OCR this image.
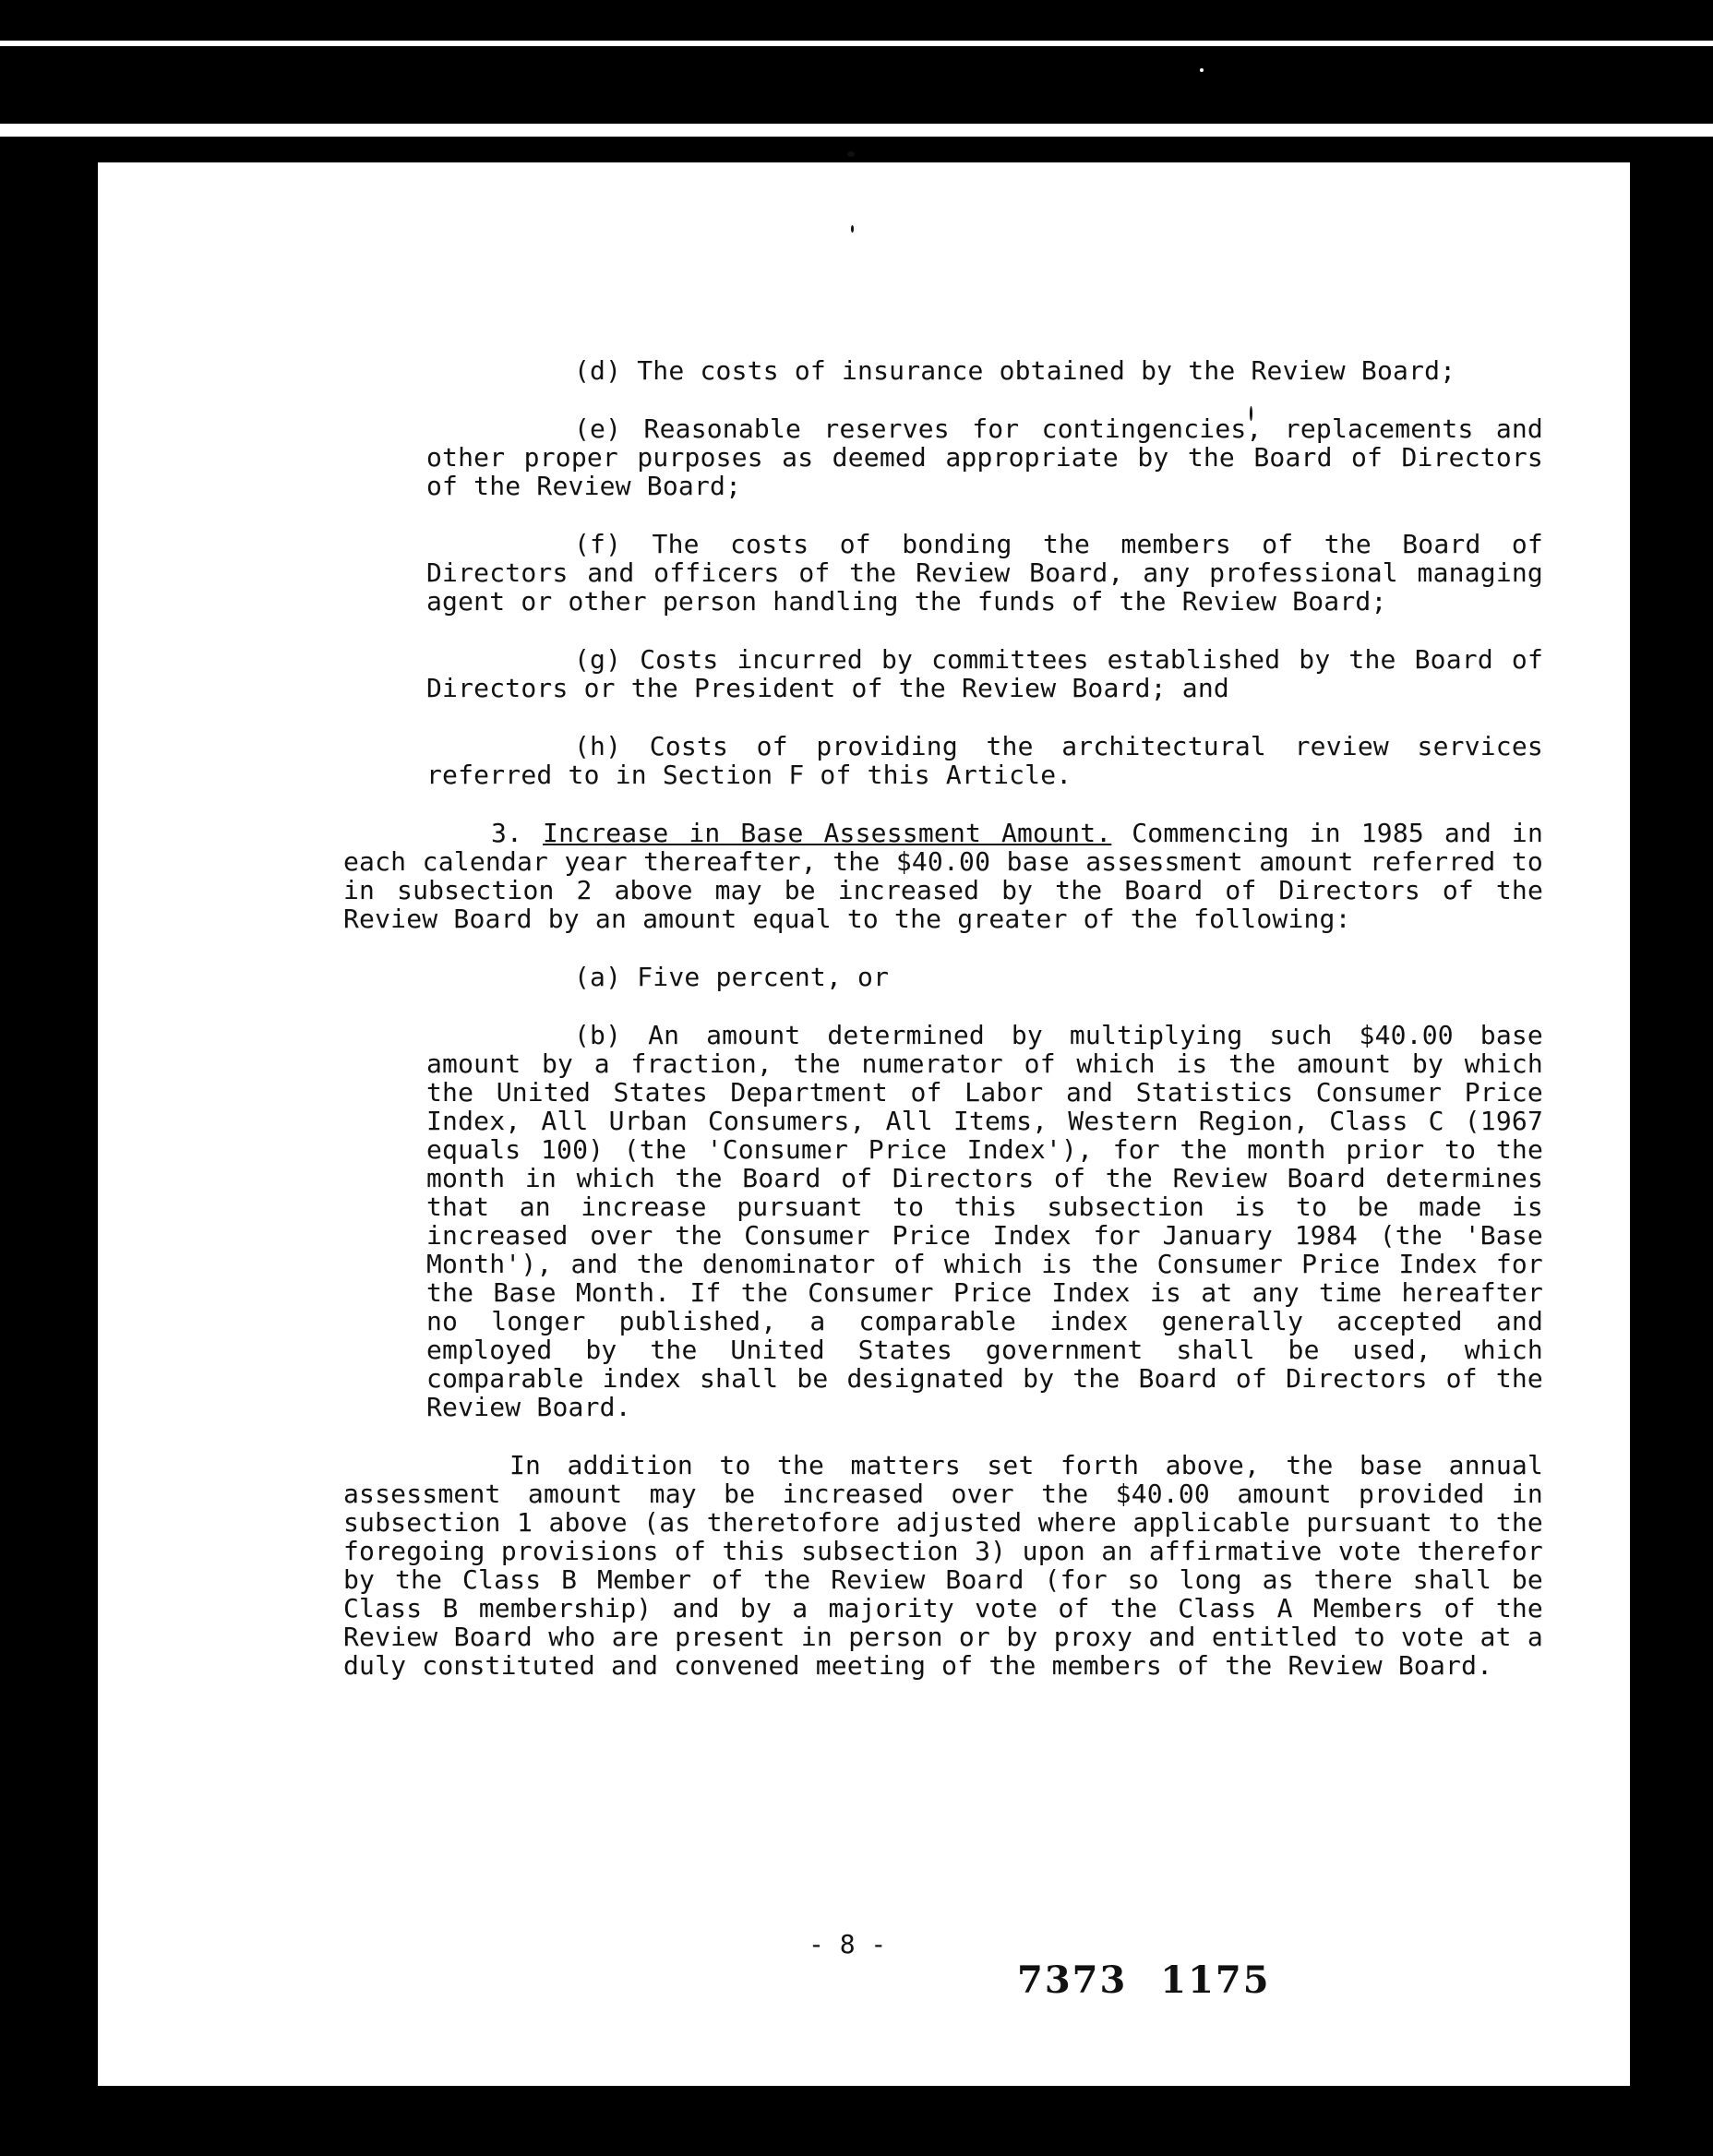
(d) The costs of insurance obtained by the Review Board;

(e) Reasonable reserves for contingencies, replacements and other proper purposes as deemed appropriate by the Board of Directors of the Review Board;

(f) The costs of bonding the members of the Board of Directors and officers of the Review Board, any professional managing agent or other person handling the funds of the Review Board;

(g) Costs incurred by committees established by the Board of Directors or the President of the Review Board; and

(h) Costs of providing the architectural review services referred to in Section F of this Article.

3. Increase in Base Assessment Amount. Commencing in 1985 and in each calendar year thereafter, the $40.00 base assessment amount referred to in subsection 2 above may be increased by the Board of Directors of the Review Board by an amount equal to the greater of the following:

(a) Five percent, or

(b) An amount determined by multiplying such $40.00 base amount by a fraction, the numerator of which is the amount by which the United States Department of Labor and Statistics Consumer Price Index, All Urban Consumers, All Items, Western Region, Class C (1967 equals 100) (the 'Consumer Price Index'), for the month prior to the month in which the Board of Directors of the Review Board determines that an increase pursuant to this subsection is to be made is increased over the Consumer Price Index for January 1984 (the 'Base Month'), and the denominator of which is the Consumer Price Index for the Base Month. If the Consumer Price Index is at any time hereafter no longer published, a comparable index generally accepted and employed by the United States government shall be used, which comparable index shall be designated by the Board of Directors of the Review Board.

In addition to the matters set forth above, the base annual assessment amount may be increased over the $40.00 amount provided in subsection 1 above (as theretofore adjusted where applicable pursuant to the foregoing provisions of this subsection 3) upon an affirmative vote therefor by the Class B Member of the Review Board (for so long as there shall be Class B membership) and by a majority vote of the Class A Members of the Review Board who are present in person or by proxy and entitled to vote at a duly constituted and convened meeting of the members of the Review Board.

- 8 -
7373 1175
